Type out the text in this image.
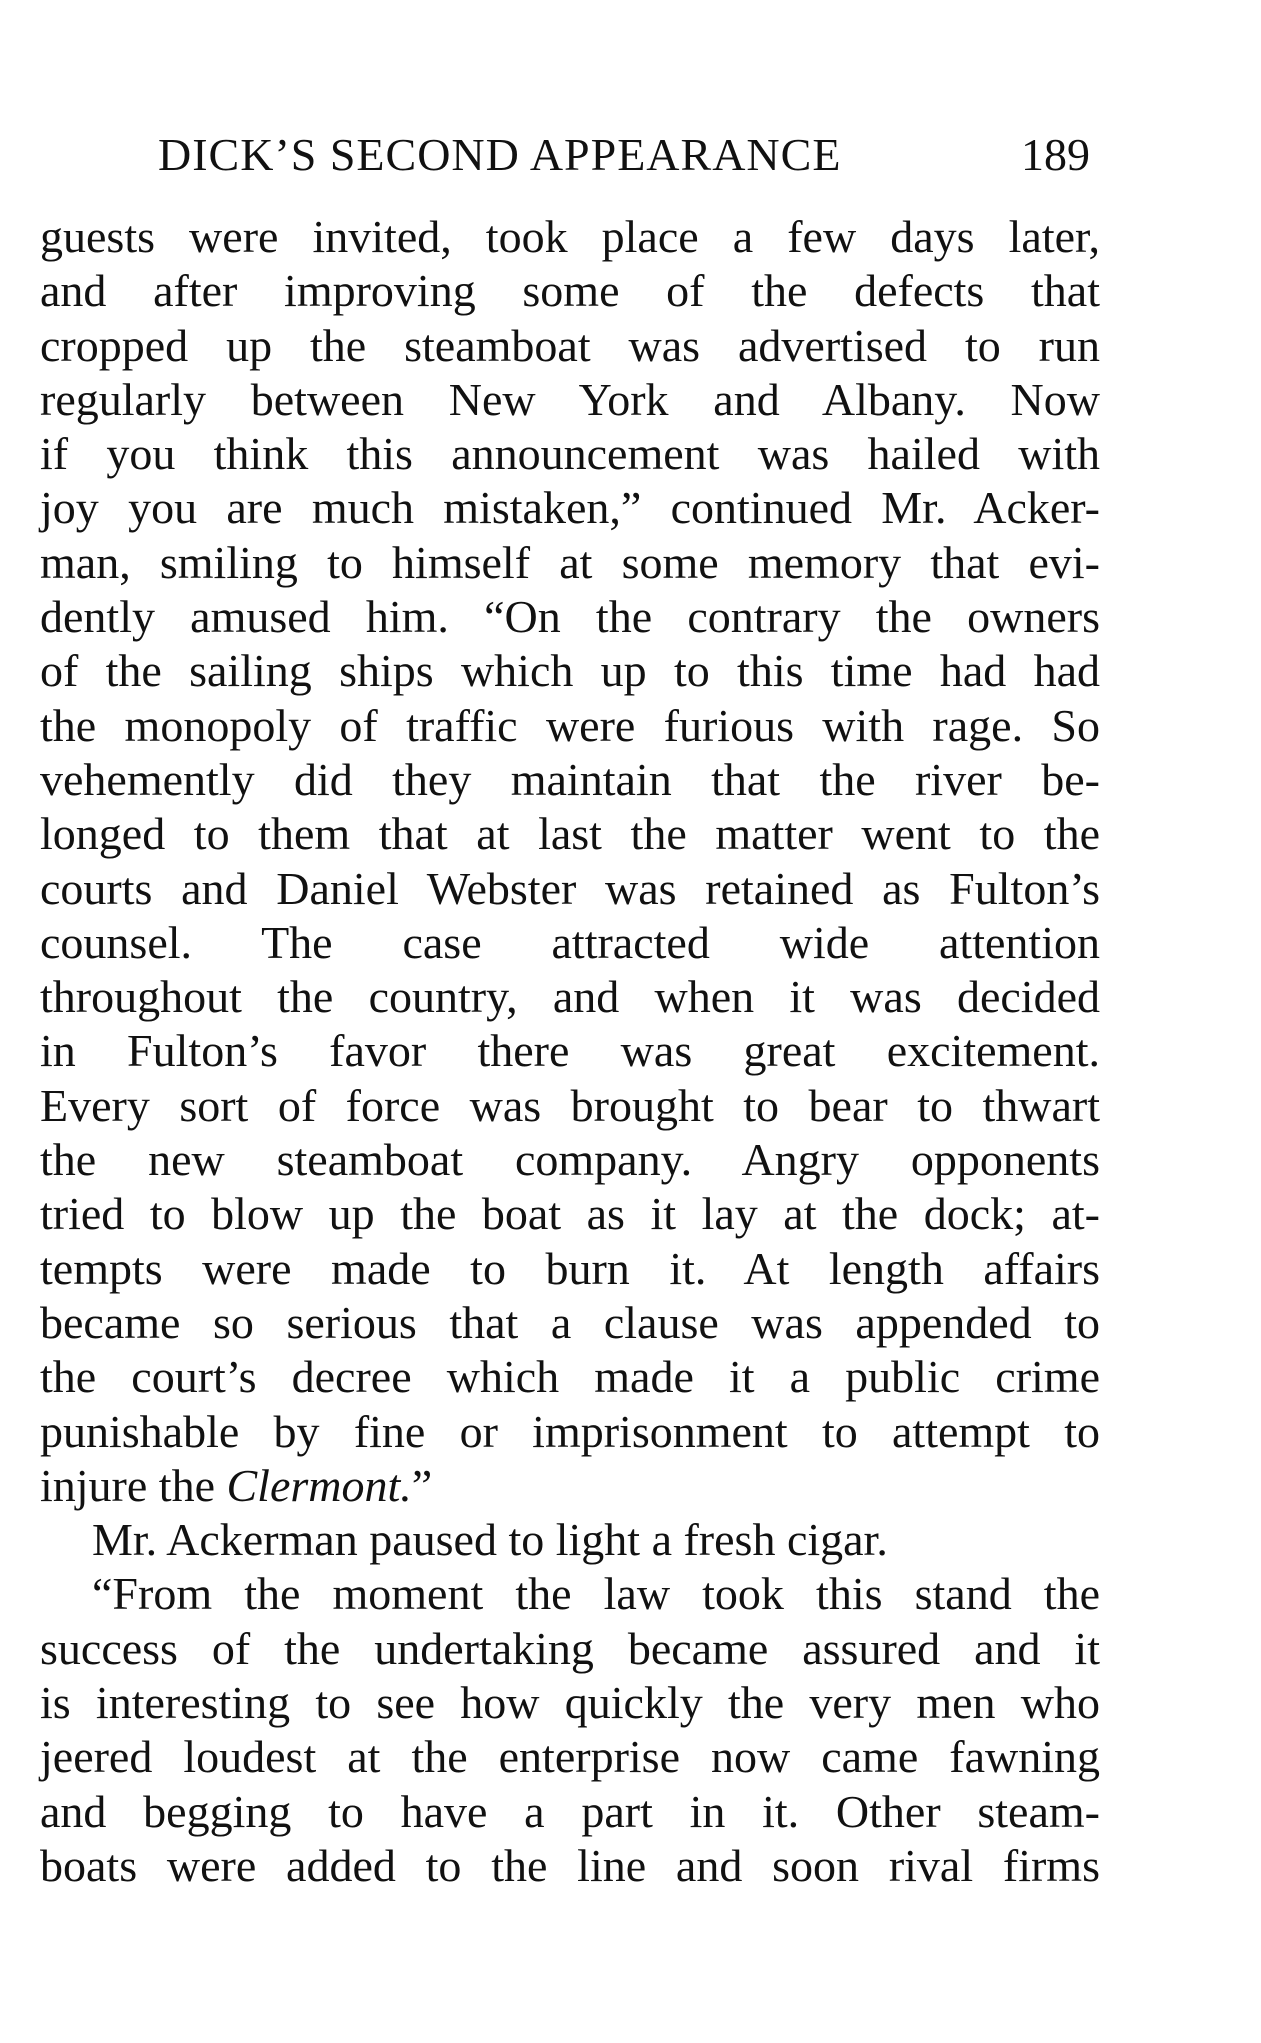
DICK’S SECOND APPEARANCE	189
guests were invited, took place a few days later,
and after improving some of the defects that
cropped up the steamboat was advertised to run
regularly between New York and Albany. Now
if you think this announcement was hailed with
joy you are much mistaken,” continued Mr. Acker-
man, smiling to himself at some memory that evi-
dently amused him. “On the contrary the owners
of the sailing ships which up to this time had had
the monopoly of traffic were furious with rage. So
vehemently did they maintain that the river be-
longed to them that at last the matter went to the
courts and Daniel Webster was retained as Fulton’s
counsel. The case attracted wide attention
throughout the country, and when it was decided
in Fulton’s favor there was great excitement.
Every sort of force was brought to bear to thwart
the new steamboat company. Angry opponents
tried to blow up the boat as it lay at the dock; at-
tempts were made to burn it. At length affairs
became so serious that a clause was appended to
the court’s decree which made it a public crime
punishable by fine or imprisonment to attempt to
injure the Clermont.”
Mr. Ackerman paused to light a fresh cigar.
“From the moment the law took this stand the
success of the undertaking became assured and it
is interesting to see how quickly the very men who
jeered loudest at the enterprise now came fawning
and begging to have a part in it. Other steam-
boats were added to the line and soon rival firms
